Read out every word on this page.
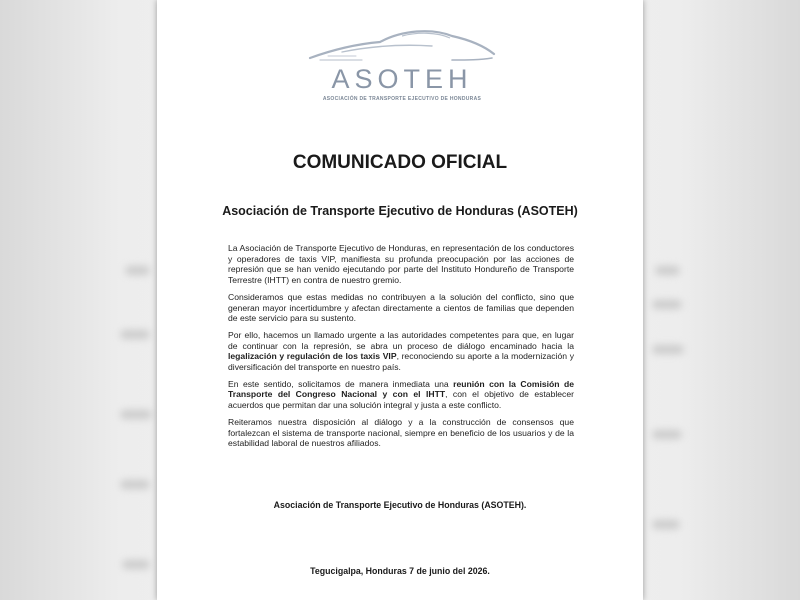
ASOTEH
ASOCIACIÓN DE TRANSPORTE EJECUTIVO DE HONDURAS
COMUNICADO OFICIAL
Asociación de Transporte Ejecutivo de Honduras (ASOTEH)

La Asociación de Transporte Ejecutivo de Honduras, en representación de los conductores y operadores de taxis VIP, manifiesta su profunda preocupación por las acciones de represión que se han venido ejecutando por parte del Instituto Hondureño de Transporte Terrestre (IHTT) en contra de nuestro gremio.

Consideramos que estas medidas no contribuyen a la solución del conflicto, sino que generan mayor incertidumbre y afectan directamente a cientos de familias que dependen de este servicio para su sustento.

Por ello, hacemos un llamado urgente a las autoridades competentes para que, en lugar de continuar con la represión, se abra un proceso de diálogo encaminado hacia la legalización y regulación de los taxis VIP, reconociendo su aporte a la modernización y diversificación del transporte en nuestro país.

En este sentido, solicitamos de manera inmediata una reunión con la Comisión de Transporte del Congreso Nacional y con el IHTT, con el objetivo de establecer acuerdos que permitan dar una solución integral y justa a este conflicto.

Reiteramos nuestra disposición al diálogo y a la construcción de consensos que fortalezcan el sistema de transporte nacional, siempre en beneficio de los usuarios y de la estabilidad laboral de nuestros afiliados.

Asociación de Transporte Ejecutivo de Honduras (ASOTEH).
Tegucigalpa, Honduras 7 de junio del 2026.
